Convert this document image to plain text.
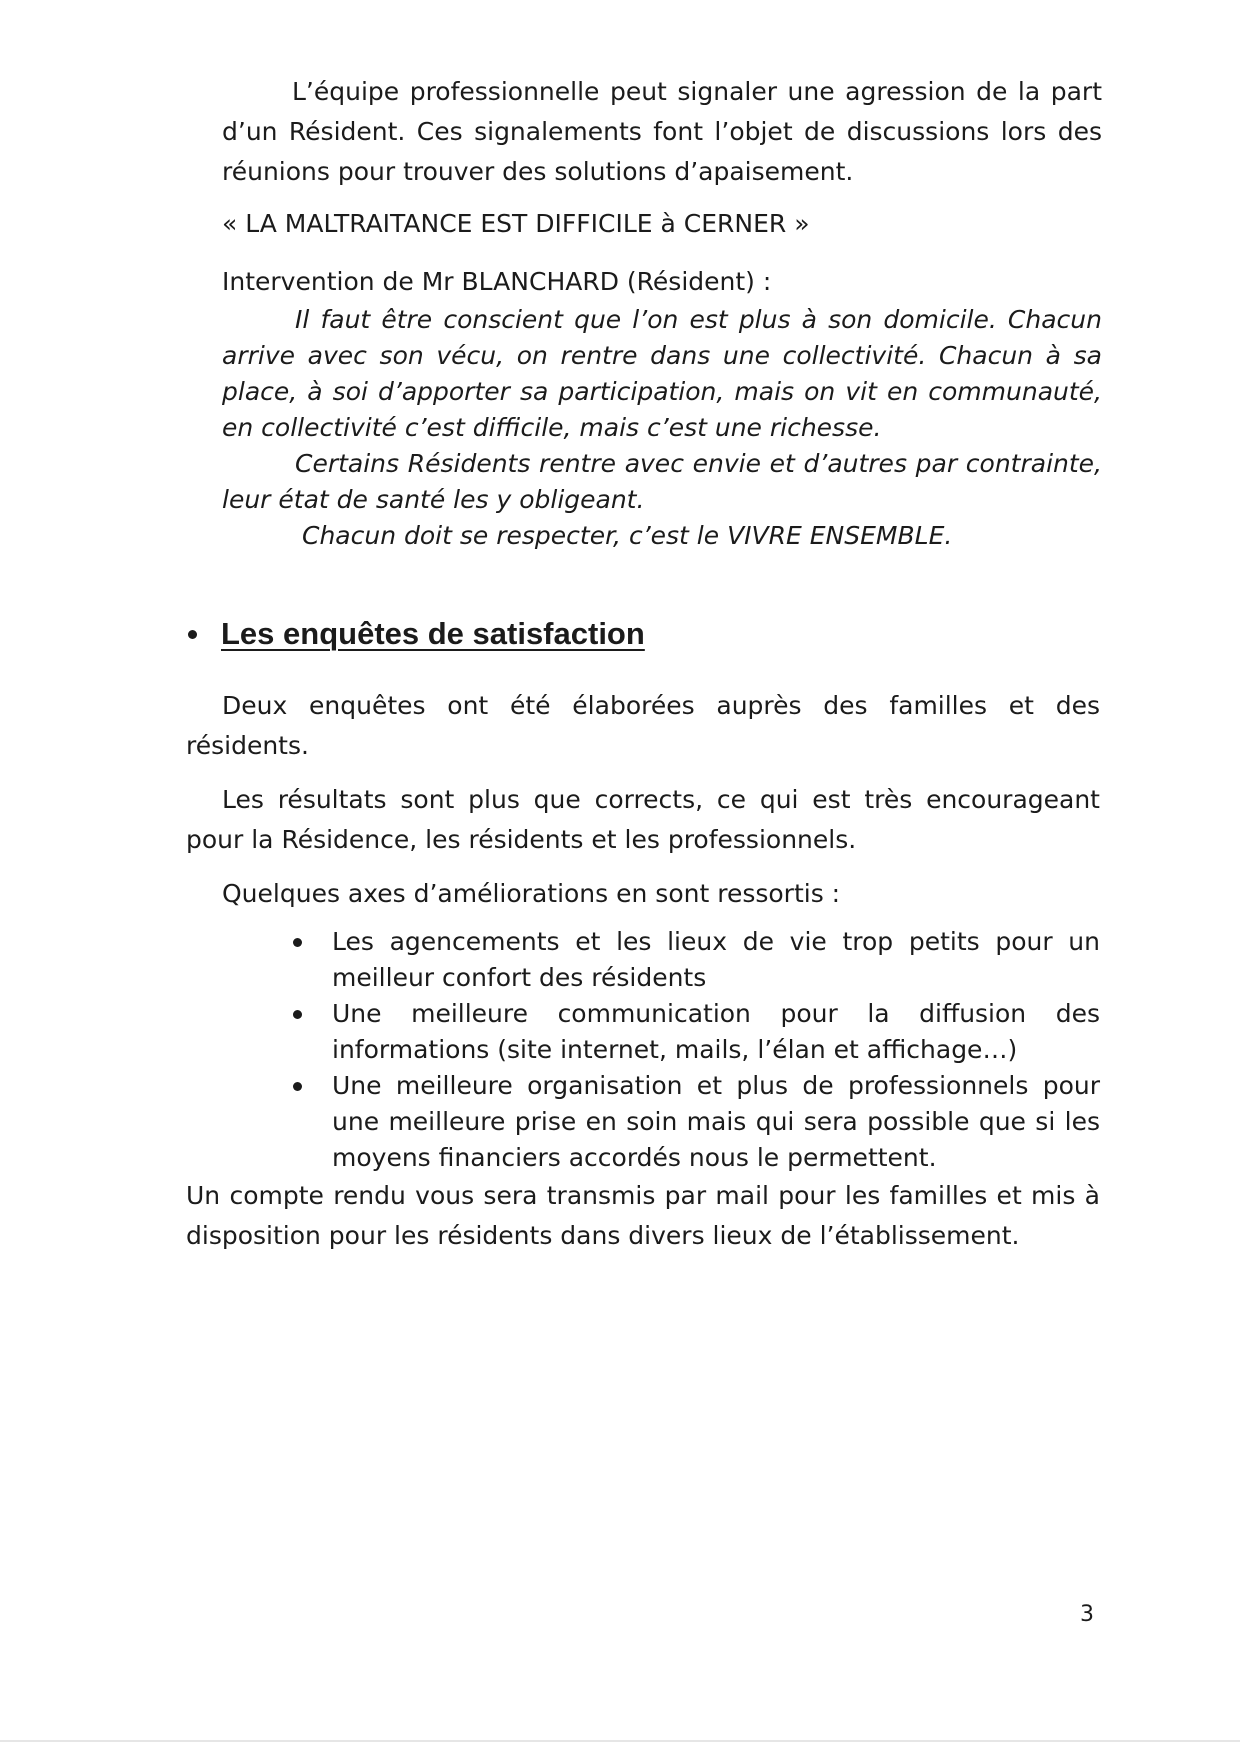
L’équipe professionnelle peut signaler une agression de la part d’un Résident. Ces signalements font l’objet de discussions lors des réunions pour trouver des solutions d’apaisement.

« LA MALTRAITANCE EST DIFFICILE à CERNER »

Intervention de Mr BLANCHARD (Résident) :

Il faut être conscient que l’on est plus à son domicile. Chacun arrive avec son vécu, on rentre dans une collectivité. Chacun à sa place, à soi d’apporter sa participation, mais on vit en communauté, en collectivité c’est difficile, mais c’est une richesse.

Certains Résidents rentre avec envie et d’autres par contrainte, leur état de santé les y obligeant.

Chacun doit se respecter, c’est le VIVRE ENSEMBLE.

Les enquêtes de satisfaction

Deux enquêtes ont été élaborées auprès des familles et des résidents.

Les résultats sont plus que corrects, ce qui est très encourageant pour la Résidence, les résidents et les professionnels.

Quelques axes d’améliorations en sont ressortis :

Les agencements et les lieux de vie trop petits pour un meilleur confort des résidents
Une meilleure communication pour la diffusion des informations (site internet, mails, l’élan et affichage…)
Une meilleure organisation et plus de professionnels pour une meilleure prise en soin mais qui sera possible que si les moyens financiers accordés nous le permettent.

Un compte rendu vous sera transmis par mail pour les familles et mis à disposition pour les résidents dans divers lieux de l’établissement.

3
